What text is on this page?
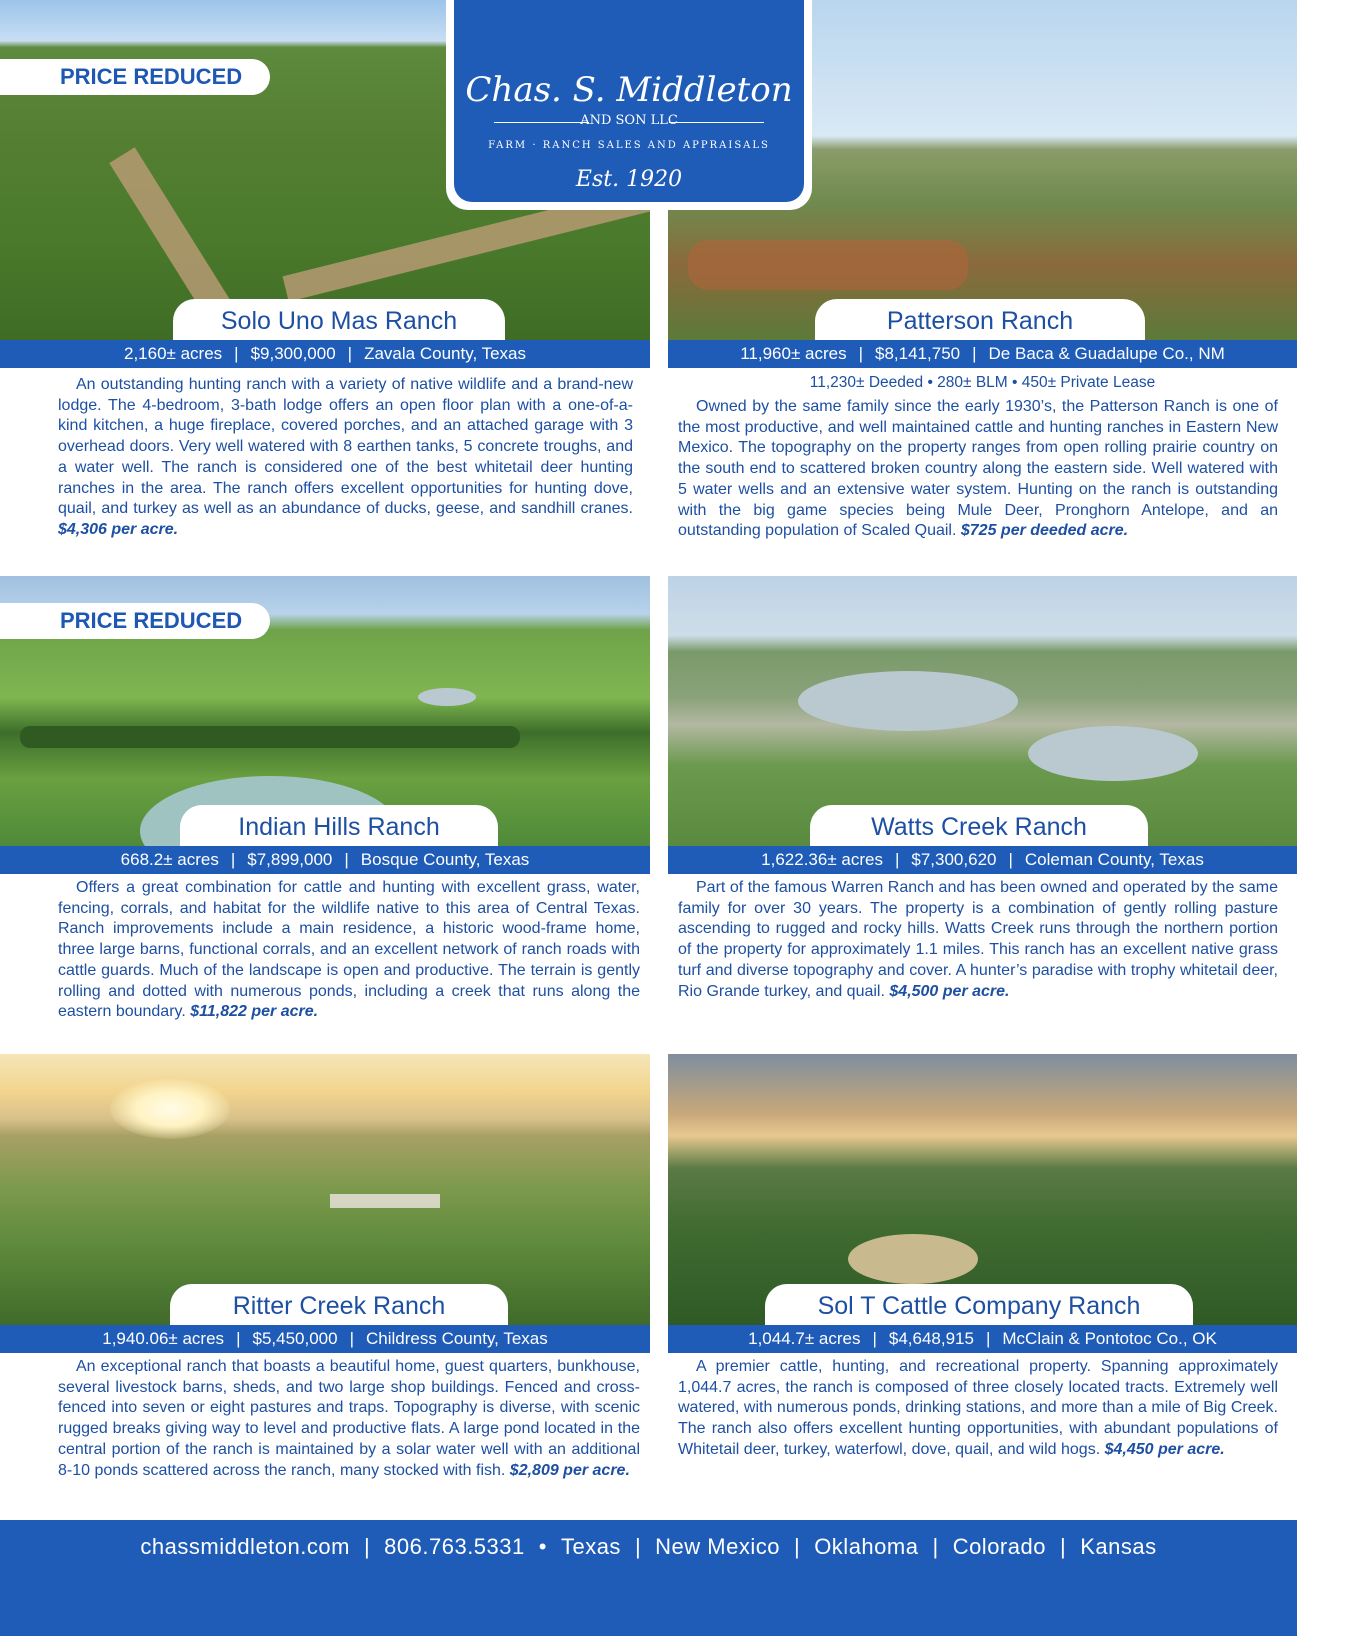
PRICE REDUCED
PRICE REDUCED
Chas. S. Middleton
AND SON LLC
FARM · RANCH SALES AND APPRAISALS
Est. 1920
Solo Uno Mas Ranch
2,160± acres | $9,300,000 | Zavala County, Texas
An outstanding hunting ranch with a variety of native wildlife and a brand-new lodge. The 4-bedroom, 3-bath lodge offers an open floor plan with a one-of-a-kind kitchen, a huge fireplace, covered porches, and an attached garage with 3 overhead doors. Very well watered with 8 earthen tanks, 5 concrete troughs, and a water well. The ranch is considered one of the best whitetail deer hunting ranches in the area. The ranch offers excellent opportunities for hunting dove, quail, and turkey as well as an abundance of ducks, geese, and sandhill cranes. $4,306 per acre.
Patterson Ranch
11,960± acres | $8,141,750 | De Baca & Guadalupe Co., NM
11,230± Deeded • 280± BLM • 450± Private Lease
Owned by the same family since the early 1930’s, the Patterson Ranch is one of the most productive, and well maintained cattle and hunting ranches in Eastern New Mexico. The topography on the property ranges from open rolling prairie country on the south end to scattered broken country along the eastern side. Well watered with 5 water wells and an extensive water system. Hunting on the ranch is outstanding with the big game species being Mule Deer, Pronghorn Antelope, and an outstanding population of Scaled Quail. $725 per deeded acre.
Indian Hills Ranch
668.2± acres | $7,899,000 | Bosque County, Texas
Offers a great combination for cattle and hunting with excellent grass, water, fencing, corrals, and habitat for the wildlife native to this area of Central Texas. Ranch improvements include a main residence, a historic wood-frame home, three large barns, functional corrals, and an excellent network of ranch roads with cattle guards. Much of the landscape is open and productive. The terrain is gently rolling and dotted with numerous ponds, including a creek that runs along the eastern boundary. $11,822 per acre.
Watts Creek Ranch
1,622.36± acres | $7,300,620 | Coleman County, Texas
Part of the famous Warren Ranch and has been owned and operated by the same family for over 30 years. The property is a combination of gently rolling pasture ascending to rugged and rocky hills. Watts Creek runs through the northern portion of the property for approximately 1.1 miles. This ranch has an excellent native grass turf and diverse topography and cover. A hunter’s paradise with trophy whitetail deer, Rio Grande turkey, and quail. $4,500 per acre.
Ritter Creek Ranch
1,940.06± acres | $5,450,000 | Childress County, Texas
An exceptional ranch that boasts a beautiful home, guest quarters, bunkhouse, several livestock barns, sheds, and two large shop buildings. Fenced and cross-fenced into seven or eight pastures and traps. Topography is diverse, with scenic rugged breaks giving way to level and productive flats. A large pond located in the central portion of the ranch is maintained by a solar water well with an additional 8-10 ponds scattered across the ranch, many stocked with fish. $2,809 per acre.
Sol T Cattle Company Ranch
1,044.7± acres | $4,648,915 | McClain & Pontotoc Co., OK
A premier cattle, hunting, and recreational property. Spanning approximately 1,044.7 acres, the ranch is composed of three closely located tracts. Extremely well watered, with numerous ponds, drinking stations, and more than a mile of Big Creek. The ranch also offers excellent hunting opportunities, with abundant populations of Whitetail deer, turkey, waterfowl, dove, quail, and wild hogs. $4,450 per acre.
chassmiddleton.com | 806.763.5331 • Texas | New Mexico | Oklahoma | Colorado | Kansas
